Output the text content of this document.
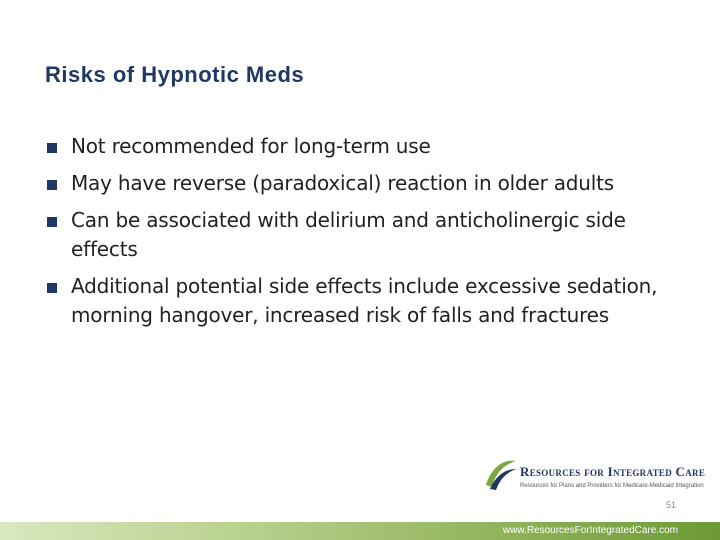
Risks of Hypnotic Meds
Not recommended for long-term use
May have reverse (paradoxical) reaction in older adults
Can be associated with delirium and anticholinergic side effects
Additional potential side effects include excessive sedation, morning hangover, increased risk of falls and fractures
Resources for Integrated Care
Resources for Plans and Providers for Medicare-Medicaid Integration
51
www.ResourcesForIntegratedCare.com
